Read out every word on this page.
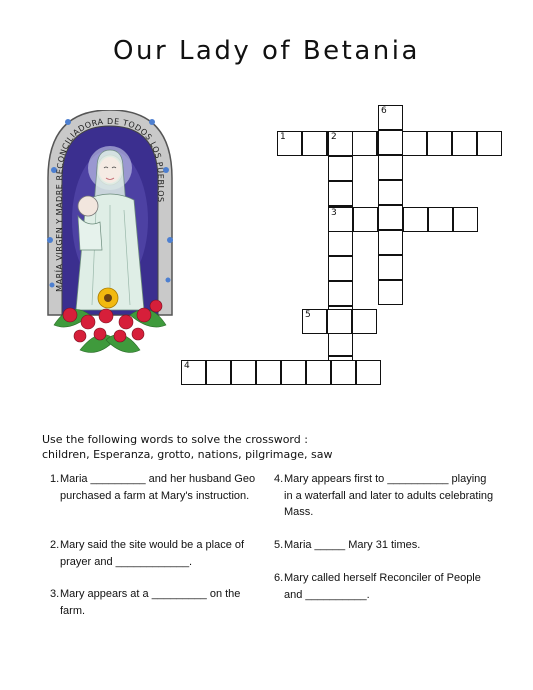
Our Lady of Betania
MARÍA VIRGEN Y MADRE RECONCILIADORA DE TODOS LOS PUEBLOS
1	2
3
4
5
6
Use the following words to solve the crossword :
children, Esperanza, grotto, nations, pilgrimage, saw
1. Maria _________ and her husband Geo purchased a farm at Mary's instruction.
2. Mary said the site would be a place of prayer and ____________.
3. Mary appears at a _________ on the farm.
4. Mary appears first to __________ playing in a waterfall and later to adults celebrating Mass.
5. Maria _____ Mary 31 times.
6. Mary called herself Reconciler of People and __________.
